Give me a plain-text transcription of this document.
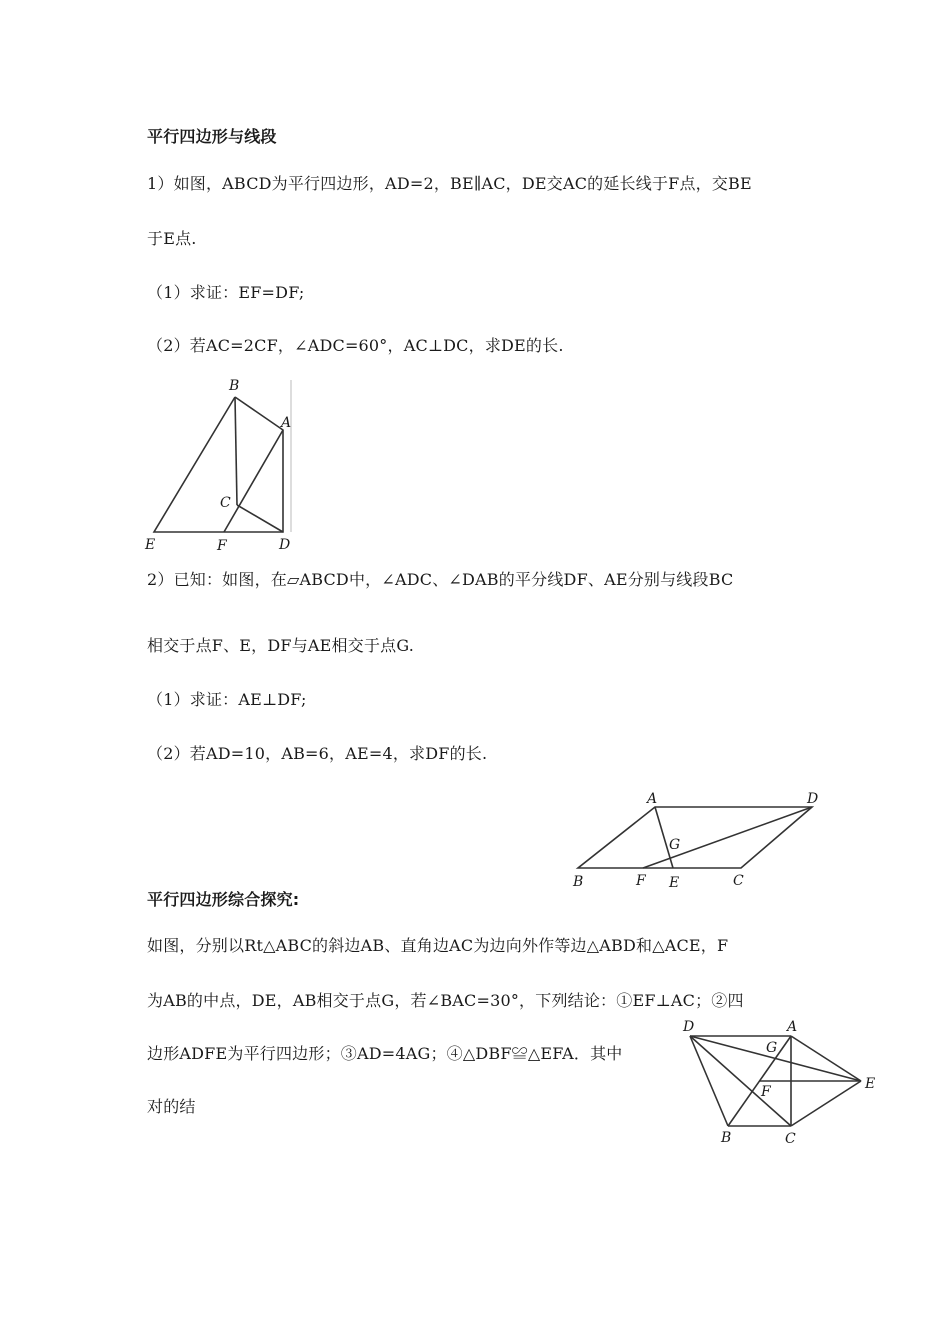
平行四边形与线段
1）如图，ABCD为平行四边形，AD=2，BE∥AC，DE交AC的延长线于F点，交BE
于E点.
（1）求证：EF=DF;
（2）若AC=2CF，∠ADC=60°，AC⊥DC，求DE的长.
B
A
C
E	F	D
2）已知：如图，在▱ABCD中，∠ADC、∠DAB的平分线DF、AE分别与线段BC
相交于点F、E，DF与AE相交于点G.
（1）求证：AE⊥DF;
（2）若AD=10，AB=6，AE=4，求DF的长.
A	D
G
B	F E	C
平行四边形综合探究:
如图，分别以Rt△ABC的斜边AB、直角边AC为边向外作等边△ABD和△ACE，F
为AB的中点，DE，AB相交于点G，若∠BAC=30°，下列结论：①EF⊥AC；②四
边形ADFE为平行四边形；③AD=4AG；④△DBF≌△EFA．其中
对的结
D	A
G
E
F
B	C
